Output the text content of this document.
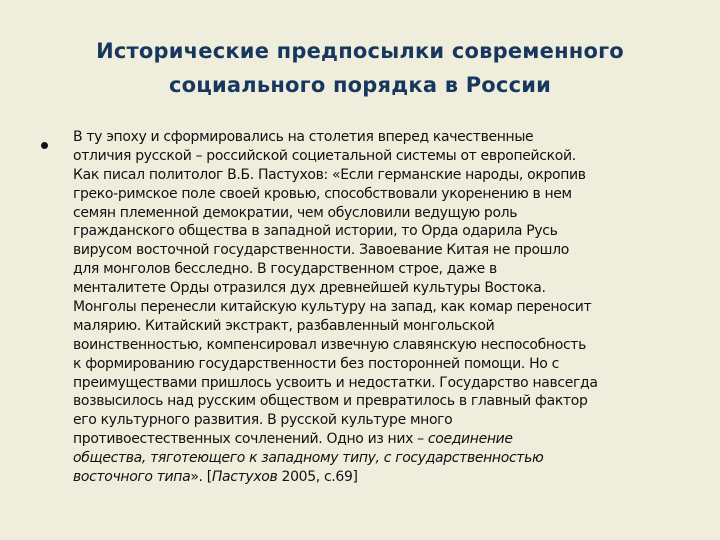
Исторические предпосылки современного
социального порядка в России
В ту эпоху и сформировались на столетия вперед качественные
отличия русской – российской социетальной системы от европейской.
Как писал политолог В.Б. Пастухов: «Если германские народы, окропив
греко-римское поле своей кровью, способствовали укоренению в нем
семян племенной демократии, чем обусловили ведущую роль
гражданского общества в западной истории, то Орда одарила Русь
вирусом восточной государственности. Завоевание Китая не прошло
для монголов бесследно. В государственном строе, даже в
менталитете Орды отразился дух древнейшей культуры Востока.
Монголы перенесли китайскую культуру на запад, как комар переносит
малярию. Китайский экстракт, разбавленный монгольской
воинственностью, компенсировал извечную славянскую неспособность
к формированию государственности без посторонней помощи. Но с
преимуществами пришлось усвоить и недостатки. Государство навсегда
возвысилось над русским обществом и превратилось в главный фактор
его культурного развития. В русской культуре много
противоестественных сочленений. Одно из них – соединение
общества, тяготеющего к западному типу, с государственностью
восточного типа». [Пастухов 2005, с.69]
